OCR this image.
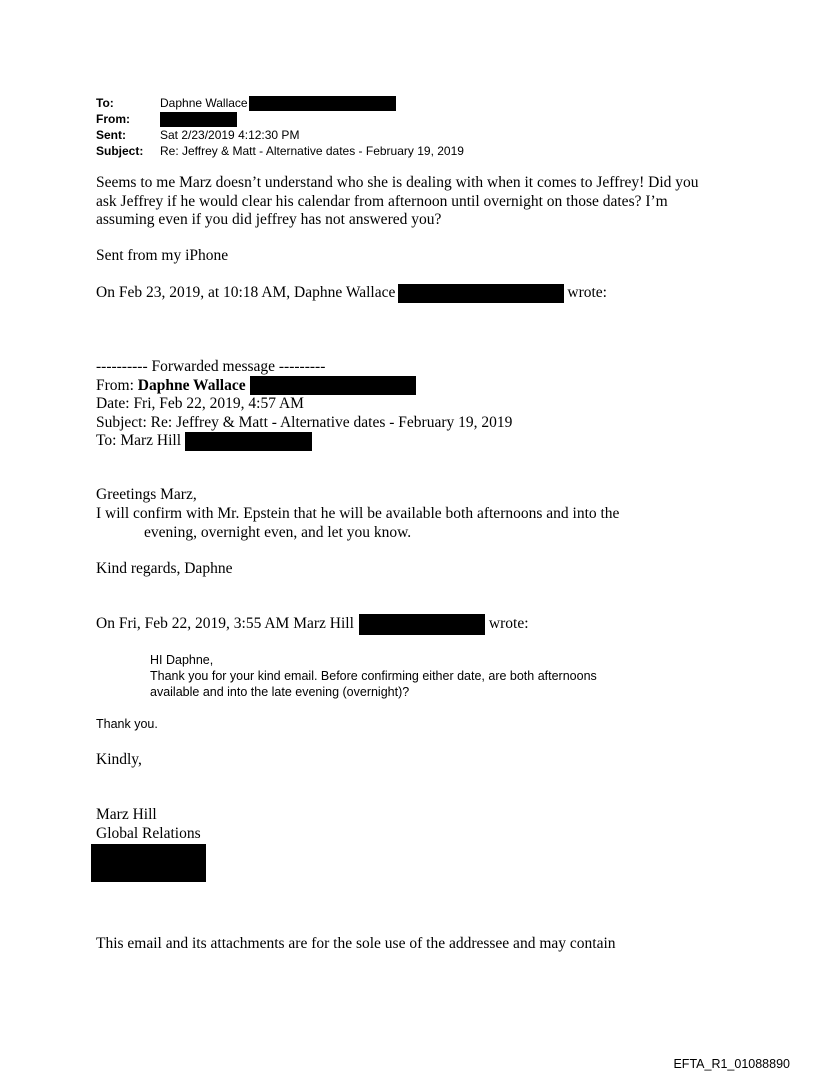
To:	Daphne Wallace
From:
Sent:	Sat 2/23/2019 4:12:30 PM
Subject:	Re: Jeffrey & Matt - Alternative dates - February 19, 2019
Seems to me Marz doesn’t understand who she is dealing with when it comes to Jeffrey! Did you
ask Jeffrey if he would clear his calendar from afternoon until overnight on those dates? I’m
assuming even if you did jeffrey has not answered you?
Sent from my iPhone
On Feb 23, 2019, at 10:18 AM, Daphne Wallace	wrote:
---------- Forwarded message ---------
From:
Daphne Wallace
Date: Fri, Feb 22, 2019, 4:57 AM
Subject: Re: Jeffrey & Matt - Alternative dates - February 19, 2019
To: Marz Hill
Greetings Marz,
I will confirm with Mr. Epstein that he will be available both afternoons and into the
evening, overnight even, and let you know.
Kind regards, Daphne
On Fri, Feb 22, 2019, 3:55 AM Marz Hill	wrote:
HI Daphne,
Thank you for your kind email. Before confirming either date, are both afternoons
available and into the late evening (overnight)?
Thank you.
Kindly,
Marz Hill
Global Relations
This email and its attachments are for the sole use of the addressee and may contain
EFTA_R1_01088890
